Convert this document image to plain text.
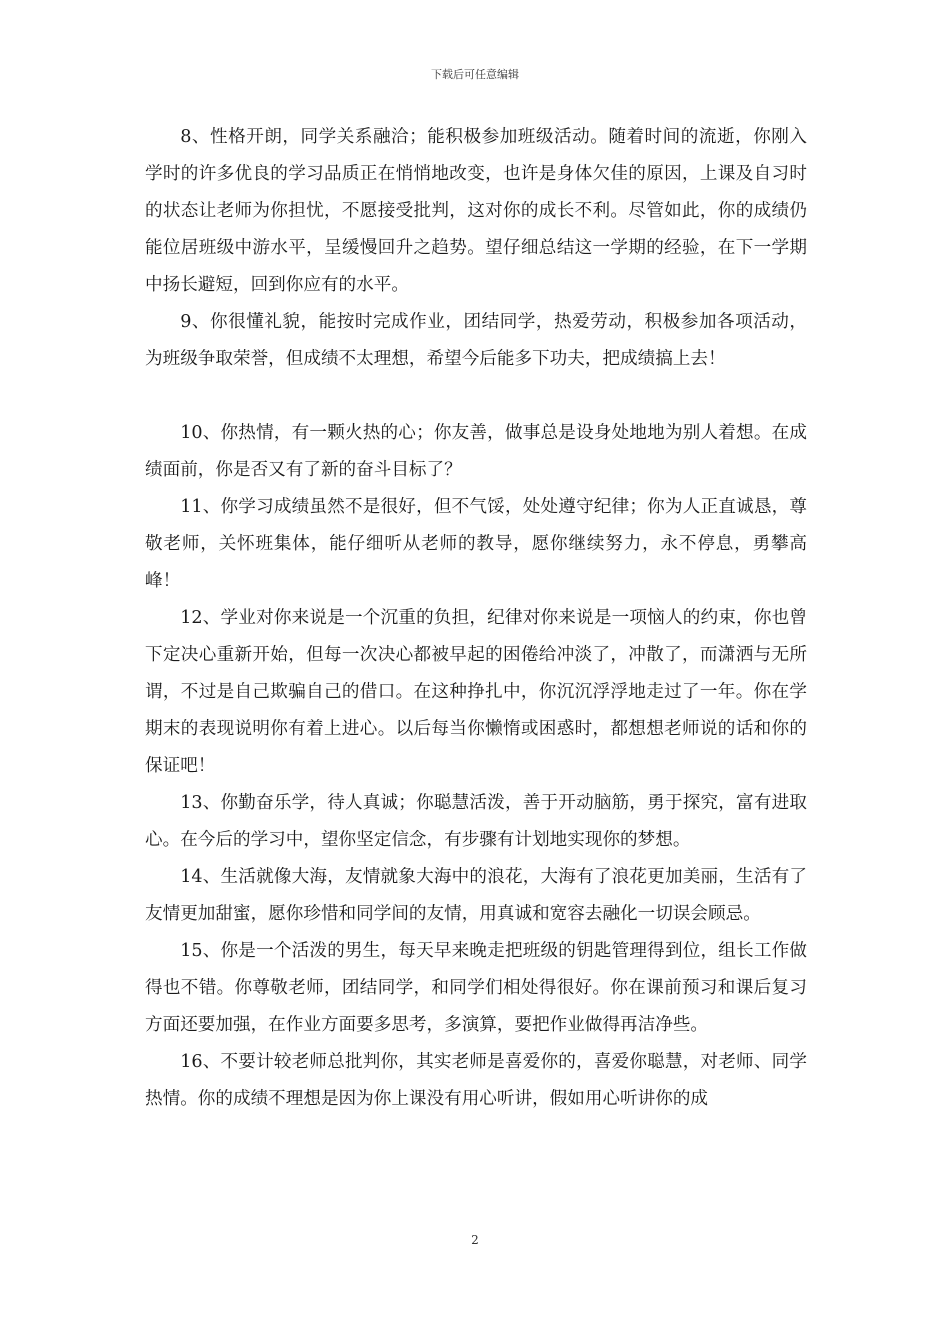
下载后可任意编辑

8、性格开朗，同学关系融洽；能积极参加班级活动。随着时间的流逝，你刚入学时的许多优良的学习品质正在悄悄地改变，也许是身体欠佳的原因，上课及自习时的状态让老师为你担忧，不愿接受批判，这对你的成长不利。尽管如此，你的成绩仍能位居班级中游水平，呈缓慢回升之趋势。望仔细总结这一学期的经验，在下一学期中扬长避短，回到你应有的水平。

9、你很懂礼貌，能按时完成作业，团结同学，热爱劳动，积极参加各项活动，为班级争取荣誉，但成绩不太理想，希望今后能多下功夫，把成绩搞上去！

10、你热情，有一颗火热的心；你友善，做事总是设身处地地为别人着想。在成绩面前，你是否又有了新的奋斗目标了？

11、你学习成绩虽然不是很好，但不气馁，处处遵守纪律；你为人正直诚恳，尊敬老师，关怀班集体，能仔细听从老师的教导，愿你继续努力，永不停息，勇攀高峰！

12、学业对你来说是一个沉重的负担，纪律对你来说是一项恼人的约束，你也曾下定决心重新开始，但每一次决心都被早起的困倦给冲淡了，冲散了，而潇洒与无所谓，不过是自己欺骗自己的借口。在这种挣扎中，你沉沉浮浮地走过了一年。你在学期末的表现说明你有着上进心。以后每当你懒惰或困惑时，都想想老师说的话和你的保证吧！

13、你勤奋乐学，待人真诚；你聪慧活泼，善于开动脑筋，勇于探究，富有进取心。在今后的学习中，望你坚定信念，有步骤有计划地实现你的梦想。

14、生活就像大海，友情就象大海中的浪花，大海有了浪花更加美丽，生活有了友情更加甜蜜，愿你珍惜和同学间的友情，用真诚和宽容去融化一切误会顾忌。

15、你是一个活泼的男生，每天早来晚走把班级的钥匙管理得到位，组长工作做得也不错。你尊敬老师，团结同学，和同学们相处得很好。你在课前预习和课后复习方面还要加强，在作业方面要多思考，多演算，要把作业做得再洁净些。

16、不要计较老师总批判你，其实老师是喜爱你的，喜爱你聪慧，对老师、同学热情。你的成绩不理想是因为你上课没有用心听讲，假如用心听讲你的成

2
